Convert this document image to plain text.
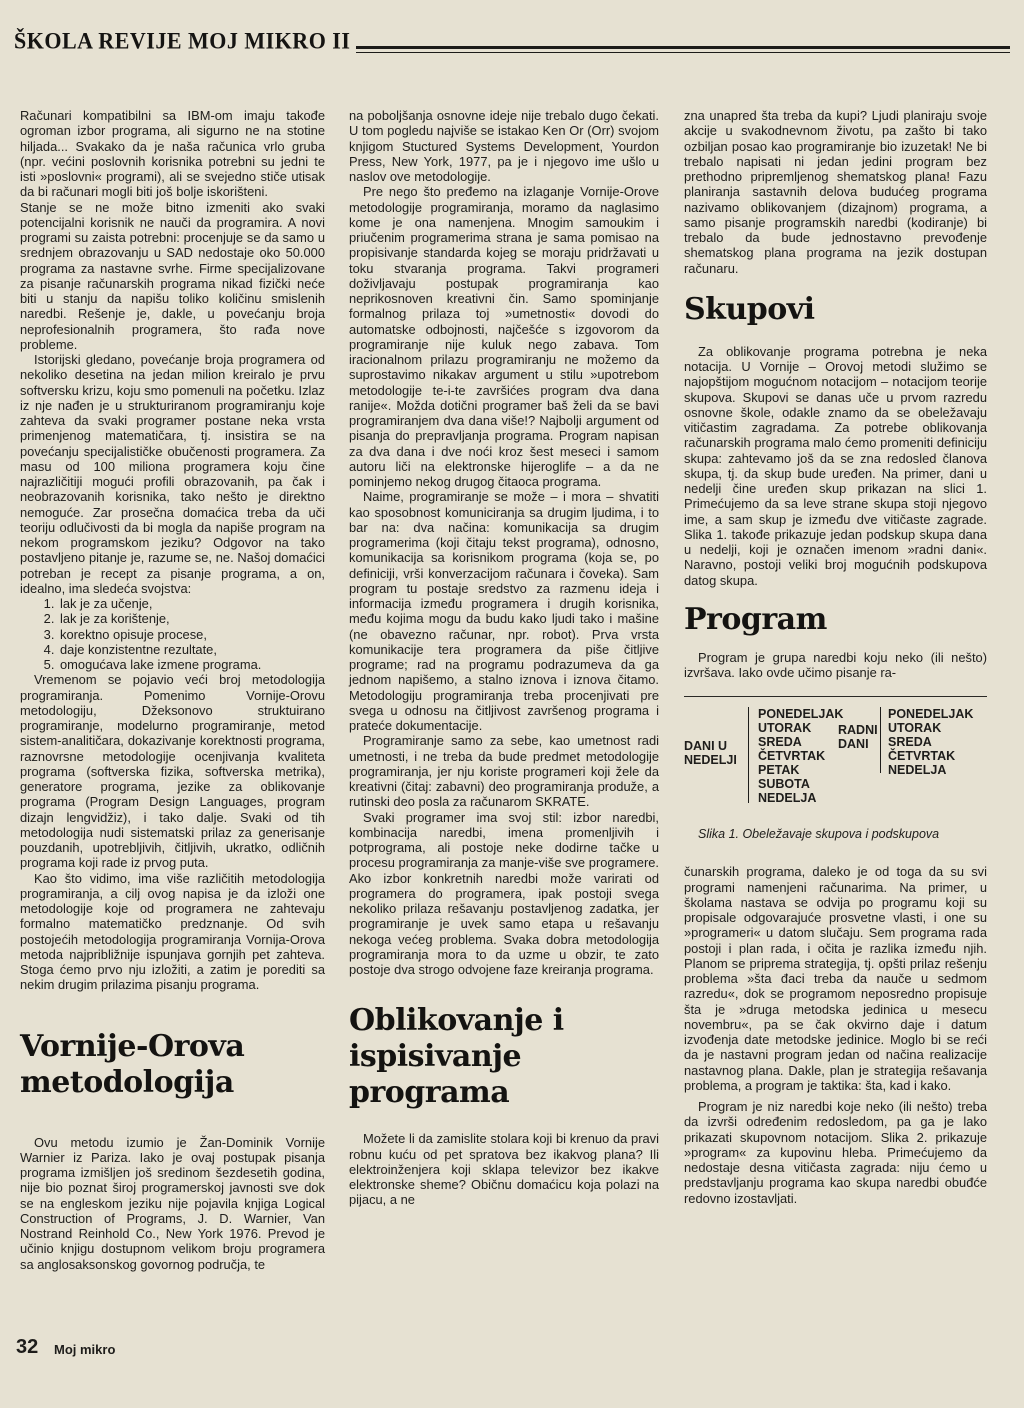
ŠKOLA REVIJE MOJ MIKRO II

Računari kompatibilni sa IBM-om imaju takođe ogroman izbor programa, ali sigurno ne na stotine hiljada... Svakako da je naša računica vrlo gruba (npr. većini poslovnih korisnika potrebni su jedni te isti »poslovni« programi), ali se svejedno stiče utisak da bi računari mogli biti još bolje iskorišteni.

Stanje se ne može bitno izmeniti ako svaki potencijalni korisnik ne nauči da programira. A novi programi su zaista potrebni: procenjuje se da samo u srednjem obrazovanju u SAD nedostaje oko 50.000 programa za nastavne svrhe. Firme specijalizovane za pisanje računarskih programa nikad fizički neće biti u stanju da napišu toliko količinu smislenih naredbi. Rešenje je, dakle, u povećanju broja neprofesionalnih programera, što rađa nove probleme.

Istorijski gledano, povećanje broja programera od nekoliko desetina na jedan milion kreiralo je prvu softversku krizu, koju smo pomenuli na početku. Izlaz iz nje nađen je u strukturiranom programiranju koje zahteva da svaki programer postane neka vrsta primenjenog matematičara, tj. insistira se na povećanju specijalističke obučenosti programera. Za masu od 100 miliona programera koju čine najrazličitiji mogući profili obrazovanih, pa čak i neobrazovanih korisnika, tako nešto je direktno nemoguće. Zar prosečna domaćica treba da uči teoriju odlučivosti da bi mogla da napiše program na nekom programskom jeziku? Odgovor na tako postavljeno pitanje je, razume se, ne. Našoj domaćici potreban je recept za pisanje programa, a on, idealno, ima sledeća svojstva:

1. lak je za učenje,
2. lak je za korištenje,
3. korektno opisuje procese,
4. daje konzistentne rezultate,
5. omogućava lake izmene programa.

Vremenom se pojavio veći broj metodologija programiranja. Pomenimo Vornije-Orovu metodologiju, Džeksonovo struktuirano programiranje, modelurno programiranje, metod sistem-analitičara, dokazivanje korektnosti programa, raznovrsne metodologije ocenjivanja kvaliteta programa (softverska fizika, softverska metrika), generatore programa, jezike za oblikovanje programa (Program Design Languages, program dizajn lengvidžiz), i tako dalje. Svaki od tih metodologija nudi sistematski prilaz za generisanje pouzdanih, upotrebljivih, čitljivih, ukratko, odličnih programa koji rade iz prvog puta.

Kao što vidimo, ima više različitih metodologija programiranja, a cilj ovog napisa je da izloži one metodologije koje od programera ne zahtevaju formalno matematičko predznanje. Od svih postojećih metodologija programiranja Vornija-Orova metoda najpribližnije ispunjava gornjih pet zahteva. Stoga ćemo prvo nju izložiti, a zatim je porediti sa nekim drugim prilazima pisanju programa.

Vornije-Orova metodologija

Ovu metodu izumio je Žan-Dominik Vornije Warnier iz Pariza. Iako je ovaj postupak pisanja programa izmišljen još sredinom šezdesetih godina, nije bio poznat širој programerskoj javnosti sve dok se na engleskom jeziku nije pojavila knjiga Logical Construction of Programs, J. D. Warnier, Van Nostrand Reinhold Co., New York 1976. Prevod je učinio knjigu dostupnom velikom broju programera sa anglosaksonskog govornog područja, te

na poboljšanja osnovne ideje nije trebalo dugo čekati. U tom pogledu najviše se istakao Ken Or (Orr) svojom knjigom Stuctured Systems Development, Yourdon Press, New York, 1977, pa je i njegovo ime ušlo u naslov ove metodologije.

Pre nego što pređemo na izlaganje Vornije-Orove metodologije programiranja, moramo da naglasimo kome je ona namenjena. Mnogim samoukim i priučenim programerima strana je sama pomisao na propisivanje standarda kojeg se moraju pridržavati u toku stvaranja programa. Takvi programeri doživljavaju postupak programiranja kao neprikosnoven kreativni čin. Samo spominjanje formalnog prilaza toj »umetnosti« dovodi do automatske odbojnosti, najčešće s izgovorom da programiranje nije kuluk nego zabava. Tom iracionalnom prilazu programiranju ne možemo da suprostavimo nikakav argument u stilu »upotrebom metodologije te-i-te završićes program dva dana ranije«. Možda dotični programer baš želi da se bavi programiranjem dva dana više!? Najbolji argument od pisanja do prepravljanja programa. Program napisan za dva dana i dve noći kroz šest meseci i samom autoru liči na elektronske hijeroglife – a da ne pominjemo nekog drugog čitaoca programa.

Naime, programiranje se može – i mora – shvatiti kao sposobnost komuniciranja sa drugim ljudima, i to bar na: dva načina: komunikacija sa drugim programerima (koji čitaju tekst programa), odnosno, komunikacija sa korisnikom programa (koja se, po definiciji, vrši konverzacijom računara i čoveka). Sam program tu postaje sredstvo za razmenu ideja i informacija između programera i drugih korisnika, među kojima mogu da budu kako ljudi tako i mašine (ne obavezno računar, npr. robot). Prva vrsta komunikacije tera programera da piše čitljive programe; rad na programu podrazumeva da ga jednom napišemo, a stalno iznova i iznova čitamo. Metodologiju programiranja treba procenjivati pre svega u odnosu na čitljivost završenog programa i prateće dokumentacije.

Programiranje samo za sebe, kao umetnost radi umetnosti, i ne treba da bude predmet metodologije programiranja, jer nju koriste programeri koji žele da kreativni (čitaj: zabavni) deo programiranja produže, a rutinski deo posla za računarom SKRATE.

Svaki programer ima svoj stil: izbor naredbi, kombinacija naredbi, imena promenljivih i potprograma, ali postoje neke dodirne tačke u procesu programiranja za manje-više sve programere. Ako izbor konkretnih naredbi može varirati od programera do programera, ipak postoji svega nekoliko prilaza rešavanju postavljenog zadatka, jer programiranje je uvek samo etapa u rešavanju nekoga većeg problema. Svaka dobra metodologija programiranja mora to da uzme u obzir, te zato postoje dva strogo odvojene faze kreiranja programa.

Oblikovanje i ispisivanje programa

Možete li da zamislite stolara koji bi krenuo da pravi robnu kuću od pet spratova bez ikakvog plana? Ili elektroinženjera koji sklapa televizor bez ikakve elektronske sheme? Običnu domaćicu koja polazi na pijacu, a ne

zna unapred šta treba da kupi? Ljudi planiraju svoje akcije u svakodnevnom životu, pa zašto bi tako ozbiljan posao kao programiranje bio izuzetak! Ne bi trebalo napisati ni jedan jedini program bez prethodno pripremljenog shematskog plana! Fazu planiranja sastavnih delova budućeg programa nazivamo oblikovanjem (dizajnom) programa, a samo pisanje programskih naredbi (kodiranje) bi trebalo da bude jednostavno prevođenje shematskog plana programa na jezik dostupan računaru.

Skupovi

Za oblikovanje programa potrebna je neka notacija. U Vornije – Orovoj metodi služimo se najopštijom mogućnom notacijom – notacijom teorije skupova. Skupovi se danas uče u prvom razredu osnovne škole, odakle znamo da se obeležavaju vitičastim zagradama. Za potrebe oblikovanja računarskih programa malo ćemo promeniti definiciju skupa: zahtevamo još da se zna redosled članova skupa, tj. da skup bude uređen. Na primer, dani u nedelji čine uređen skup prikazan na slici 1. Primećujemo da sa leve strane skupa stoji njegovo ime, a sam skup je između dve vitičaste zagrade. Slika 1. takođe prikazuje jedan podskup skupa dana u nedelji, koji je označen imenom »radni dani«. Naravno, postoji veliki broj mogućnih podskupova datog skupa.

Program

Program je grupa naredbi koju neko (ili nešto) izvršava. Iako ovde učimo pisanje ra-

DANI U
NEDELJI
PONEDELJAK
UTORAK
SREDA
ČETVRTAK
PETAK
SUBOTA
NEDELJA
RADNI
DANI
PONEDELJAK
UTORAK
SREDA
ČETVRTAK
NEDELJA

Slika 1. Obeležavaje skupova i podskupova

čunarskih programa, daleko je od toga da su svi programi namenjeni računarima. Na primer, u školama nastava se odvija po programu koji su propisale odgovarajuće prosvetne vlasti, i one su »programeri« u datom slučaju. Sem programa rada postoji i plan rada, i očita je razlika između njih. Planom se priprema strategija, tj. opšti prilaz rešenju problema »šta đaci treba da nauče u sedmom razredu«, dok se programom neposredno propisuje šta je »druga metodska jedinica u mesecu novembru«, pa se čak okvirno daje i datum izvođenja date metodske jedinice. Moglo bi se reći da je nastavni program jedan od načina realizacije nastavnog plana. Dakle, plan je strategija rešavanja problema, a program je taktika: šta, kad i kako.

Program je niz naredbi koje neko (ili nešto) treba da izvrši određenim redosledom, pa ga je lako prikazati skupovnom notacijom. Slika 2. prikazuje »program« za kupovinu hleba. Primećujemo da nedostaje desna vitičasta zagrada: niju ćemo u predstavljanju programa kao skupa naredbi obuđće redovno izostavljati.

32 Moj mikro
